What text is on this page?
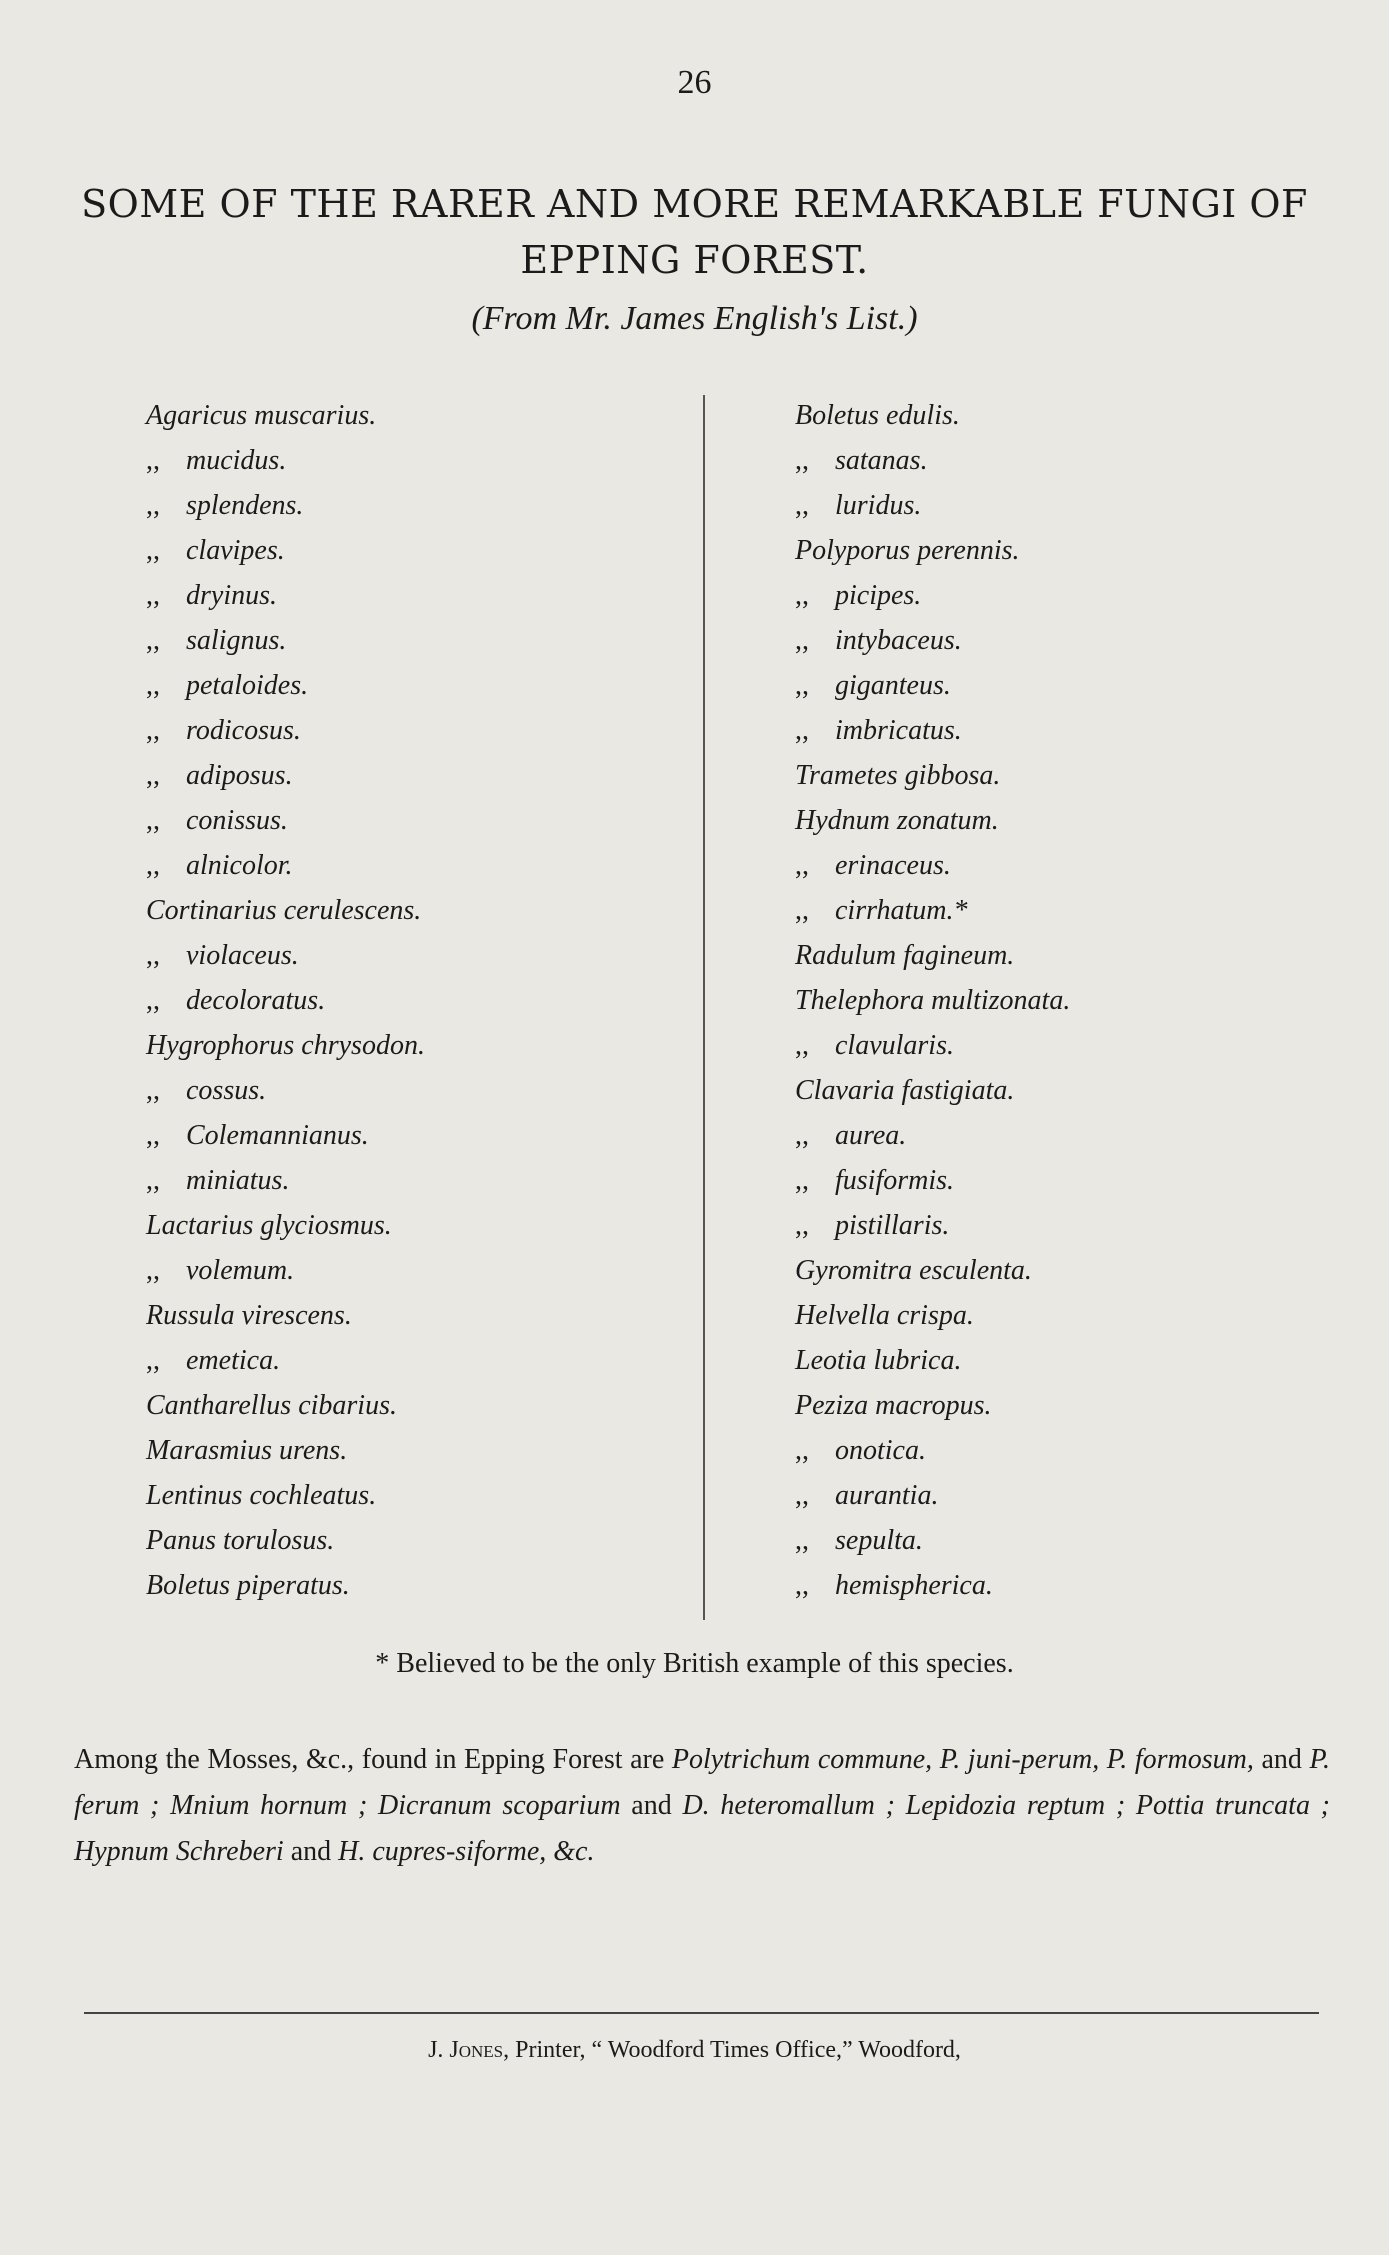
26
SOME OF THE RARER AND MORE REMARKABLE FUNGI OF EPPING FOREST.
(From Mr. James English's List.)
Agaricus muscarius.
,, mucidus.
,, splendens.
,, clavipes.
,, dryinus.
,, salignus.
,, petaloides.
,, rodicosus.
,, adiposus.
,, conissus.
,, alnicolor.
Cortinarius cerulescens.
,, violaceus.
,, decoloratus.
Hygrophorus chrysodon.
,, cossus.
,, Colemannianus.
,, miniatus.
Lactarius glyciosmus.
,, volemum.
Russula virescens.
,, emetica.
Cantharellus cibarius.
Marasmius urens.
Lentinus cochleatus.
Panus torulosus.
Boletus piperatus.
Boletus edulis.
,, satanas.
,, luridus.
Polyporus perennis.
,, picipes.
,, intybaceus.
,, giganteus.
,, imbricatus.
Trametes gibbosa.
Hydnum zonatum.
,, erinaceus.
,, cirrhatum.*
Radulum fagineum.
Thelephora multizonata.
,, clavularis.
Clavaria fastigiata.
,, aurea.
,, fusiformis.
,, pistillaris.
Gyromitra esculenta.
Helvella crispa.
Leotia lubrica.
Peziza macropus.
,, onotica.
,, aurantia.
,, sepulta.
,, hemispherica.
* Believed to be the only British example of this species.

Among the Mosses, &c., found in Epping Forest are Polytrichum commune, P. juni-perum, P. formosum, and P. ferum ; Mnium hornum ; Dicranum scoparium and D. heteromallum ; Lepidozia reptum ; Pottia truncata ; Hypnum Schreberi and H. cupres-siforme, &c.

J. Jones, Printer, “ Woodford Times Office,” Woodford,
